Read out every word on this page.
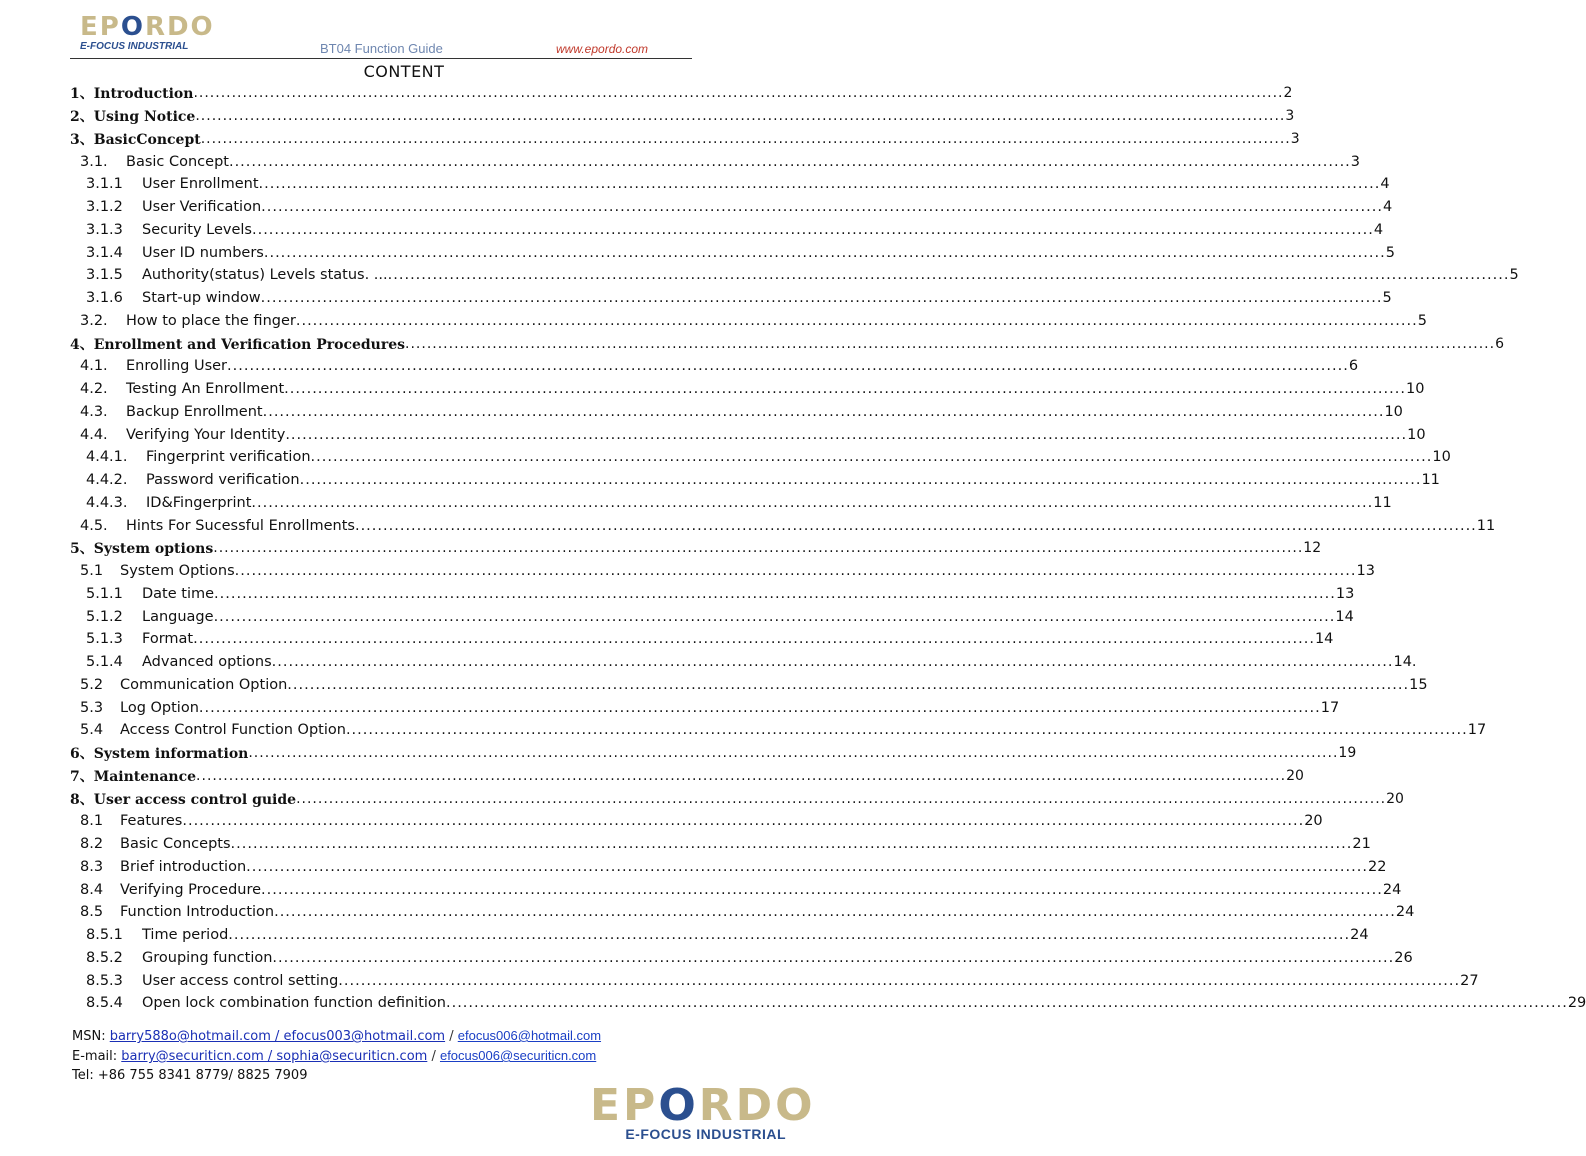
EPORDO
E-FOCUS INDUSTRIAL	BT04 Function Guide	www.epordo.com
CONTENT
1、Introduction ........................................................................................................................................................................................................ 2
2、Using Notice ........................................................................................................................................................................................................ 3
3、BasicConcept ........................................................................................................................................................................................................ 3
3.1. Basic Concept ........................................................................................................................................................................................................ 3
3.1.1 User Enrollment ........................................................................................................................................................................................................ 4
3.1.2 User Verification ........................................................................................................................................................................................................ 4
3.1.3 Security Levels ........................................................................................................................................................................................................ 4
3.1.4 User ID numbers ........................................................................................................................................................................................................ 5
3.1.5 Authority(status) Levels status. ... ........................................................................................................................................................................................................ 5
3.1.6 Start-up window ........................................................................................................................................................................................................ 5
3.2. How to place the finger ........................................................................................................................................................................................................ 5
4、Enrollment and Verification Procedures ........................................................................................................................................................................................................ 6
4.1. Enrolling User ........................................................................................................................................................................................................ 6
4.2. Testing An Enrollment ........................................................................................................................................................................................................ 10
4.3. Backup Enrollment ........................................................................................................................................................................................................ 10
4.4. Verifying Your Identity ........................................................................................................................................................................................................ 10
4.4.1. Fingerprint verification ........................................................................................................................................................................................................ 10
4.4.2. Password verification ........................................................................................................................................................................................................ 11
4.4.3. ID&Fingerprint ........................................................................................................................................................................................................ 11
4.5. Hints For Sucessful Enrollments ........................................................................................................................................................................................................ 11
5、System options ........................................................................................................................................................................................................ 12
5.1 System Options ........................................................................................................................................................................................................ 13
5.1.1 Date time ........................................................................................................................................................................................................ 13
5.1.2 Language ........................................................................................................................................................................................................ 14
5.1.3 Format ........................................................................................................................................................................................................ 14
5.1.4 Advanced options ........................................................................................................................................................................................................ 14.
5.2 Communication Option ........................................................................................................................................................................................................ 15
5.3 Log Option ........................................................................................................................................................................................................ 17
5.4 Access Control Function Option ........................................................................................................................................................................................................ 17
6、System information ........................................................................................................................................................................................................ 19
7、Maintenance ........................................................................................................................................................................................................ 20
8、User access control guide ........................................................................................................................................................................................................ 20
8.1 Features ........................................................................................................................................................................................................ 20
8.2 Basic Concepts ........................................................................................................................................................................................................ 21
8.3 Brief introduction ........................................................................................................................................................................................................ 22
8.4 Verifying Procedure ........................................................................................................................................................................................................ 24
8.5 Function Introduction ........................................................................................................................................................................................................ 24
8.5.1 Time period ........................................................................................................................................................................................................ 24
8.5.2 Grouping function ........................................................................................................................................................................................................ 26
8.5.3 User access control setting ........................................................................................................................................................................................................ 27
8.5.4 Open lock combination function definition ........................................................................................................................................................................................................ 29
MSN: barry588o@hotmail.com / efocus003@hotmail.com / efocus006@hotmail.com
E-mail: barry@securiticn.com / sophia@securiticn.com / efocus006@securiticn.com
Tel: +86 755 8341 8779/ 8825 7909
EPORDO
E-FOCUS INDUSTRIAL
